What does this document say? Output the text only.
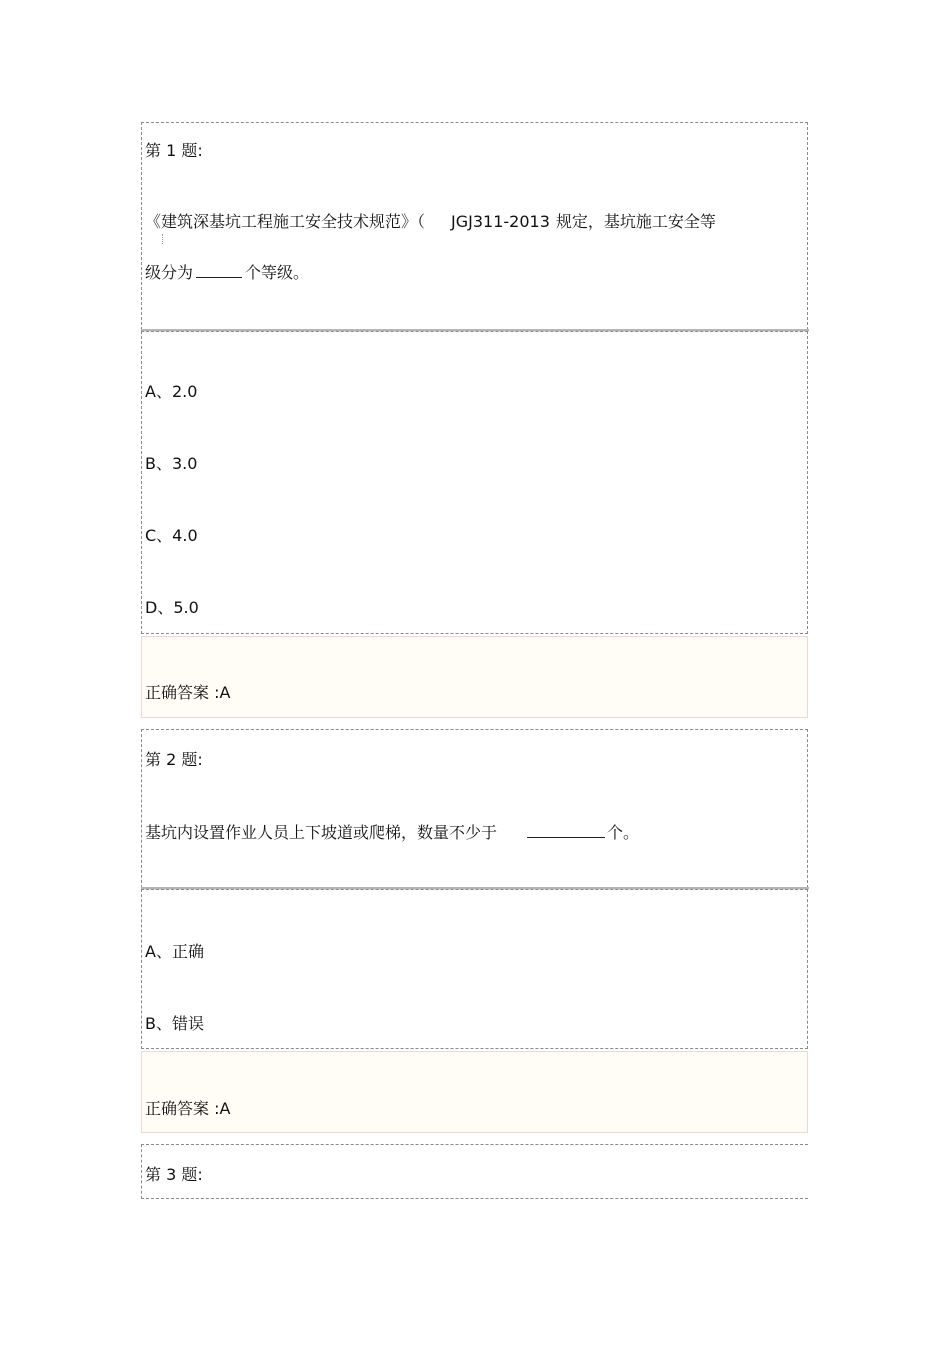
第 1 题:
《建筑深基坑工程施工安全技术规范》（ JGJ311-2013 规定，基坑施工安全等
级分为	个等级。
A、2.0
B、3.0
C、4.0
D、5.0
正确答案 :A
第 2 题:
基坑内设置作业人员上下坡道或爬梯，数量不少于	个。
A、正确
B、错误
正确答案 :A
第 3 题:
